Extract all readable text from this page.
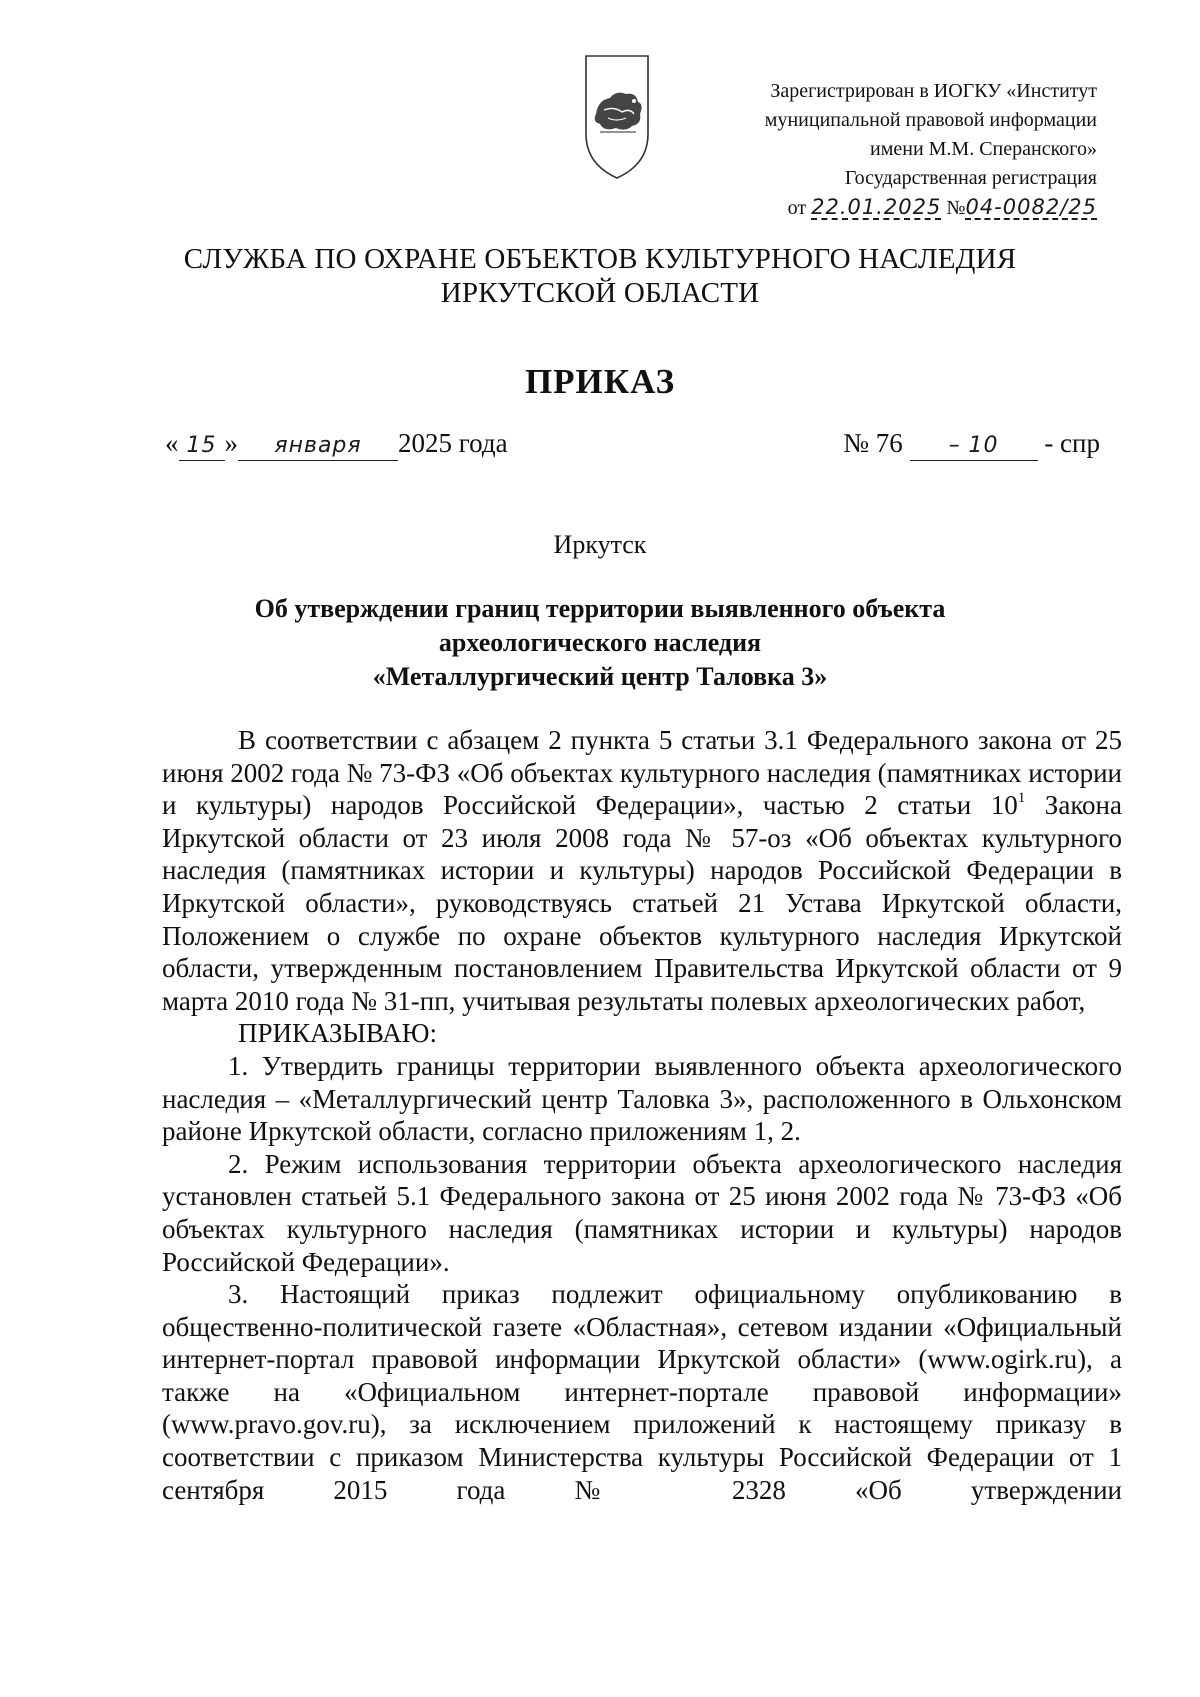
Зарегистрирован в ИОГКУ «Институт
муниципальной правовой информации
имени М.М. Сперанского»
Государственная регистрация
от 22.01.2025 №04-0082/25
СЛУЖБА ПО ОХРАНЕ ОБЪЕКТОВ КУЛЬТУРНОГО НАСЛЕДИЯ
ИРКУТСКОЙ ОБЛАСТИ
ПРИКАЗ
« 15 » января 2025 года	№ 76 – 10 - спр
Иркутск
Об утверждении границ территории выявленного объекта
археологического наследия
«Металлургический центр Таловка 3»

В соответствии с абзацем 2 пункта 5 статьи 3.1 Федерального закона от 25 июня 2002 года № 73-ФЗ «Об объектах культурного наследия (памятниках истории и культуры) народов Российской Федерации», частью 2 статьи $10^1$ Закона Иркутской области от 23 июля 2008 года № 57-оз «Об объектах культурного наследия (памятниках истории и культуры) народов Российской Федерации в Иркутской области», руководствуясь статьей 21 Устава Иркутской области, Положением о службе по охране объектов культурного наследия Иркутской области, утвержденным постановлением Правительства Иркутской области от 9 марта 2010 года № 31-пп, учитывая результаты полевых археологических работ,

ПРИКАЗЫВАЮ:

1. Утвердить границы территории выявленного объекта археологического наследия – «Металлургический центр Таловка 3», расположенного в Ольхонском районе Иркутской области, согласно приложениям 1, 2.

2. Режим использования территории объекта археологического наследия установлен статьей 5.1 Федерального закона от 25 июня 2002 года № 73-ФЗ «Об объектах культурного наследия (памятниках истории и культуры) народов Российской Федерации».

3. Настоящий приказ подлежит официальному опубликованию в общественно-политической газете «Областная», сетевом издании «Официальный интернет-портал правовой информации Иркутской области» (www.ogirk.ru), а также на «Официальном интернет-портале правовой информации» (www.pravo.gov.ru), за исключением приложений к настоящему приказу в соответствии с приказом Министерства культуры Российской Федерации от 1 сентября 2015 года № 2328 «Об утверждении
